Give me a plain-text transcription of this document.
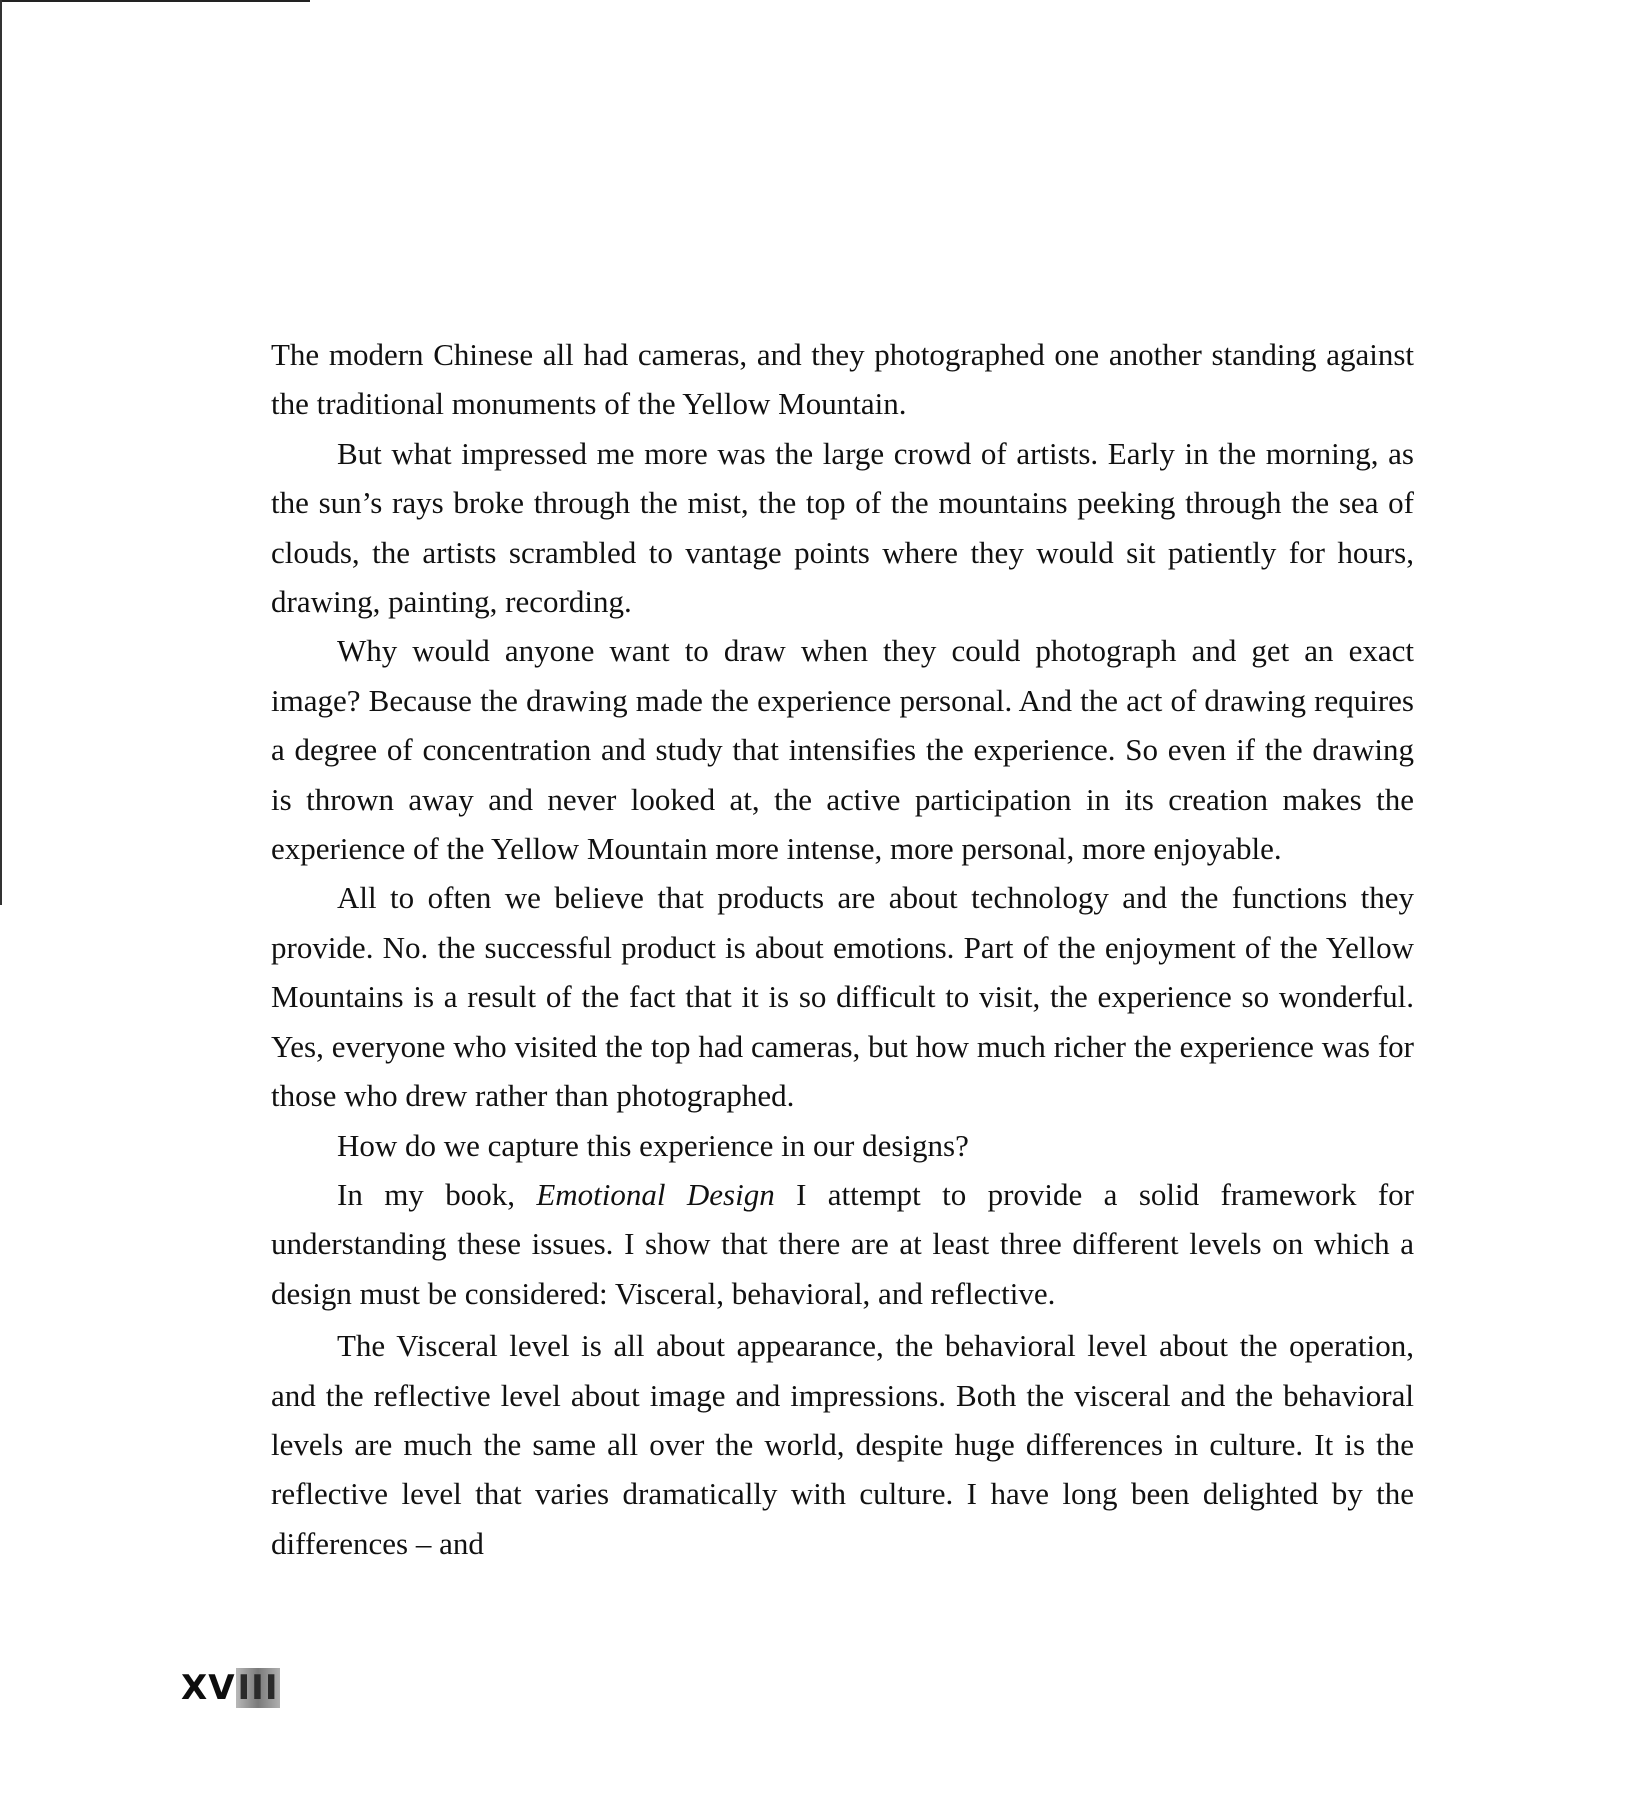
The modern Chinese all had cameras, and they photographed one another standing against the traditional monuments of the Yellow Mountain.

But what impressed me more was the large crowd of artists. Early in the morning, as the sun’s rays broke through the mist, the top of the mountains peeking through the sea of clouds, the artists scrambled to vantage points where they would sit patiently for hours, drawing, painting, recording.

Why would anyone want to draw when they could photograph and get an exact image? Because the drawing made the experience personal. And the act of drawing requires a degree of concentration and study that intensifies the experience. So even if the drawing is thrown away and never looked at, the active participation in its creation makes the experience of the Yellow Mountain more intense, more personal, more enjoyable.

All to often we believe that products are about technology and the functions they provide. No. the successful product is about emotions. Part of the enjoyment of the Yellow Mountains is a result of the fact that it is so difficult to visit, the experience so wonderful. Yes, everyone who visited the top had cameras, but how much richer the experience was for those who drew rather than photographed.

How do we capture this experience in our designs?

In my book, Emotional Design I attempt to provide a solid framework for understanding these issues. I show that there are at least three different levels on which a design must be considered: Visceral, behavioral, and reflective.

The Visceral level is all about appearance, the behavioral level about the operation, and the reflective level about image and impressions. Both the visceral and the behavioral levels are much the same all over the world, despite huge differences in culture. It is the reflective level that varies dramatically with culture. I have long been delighted by the differences – and

XV III
